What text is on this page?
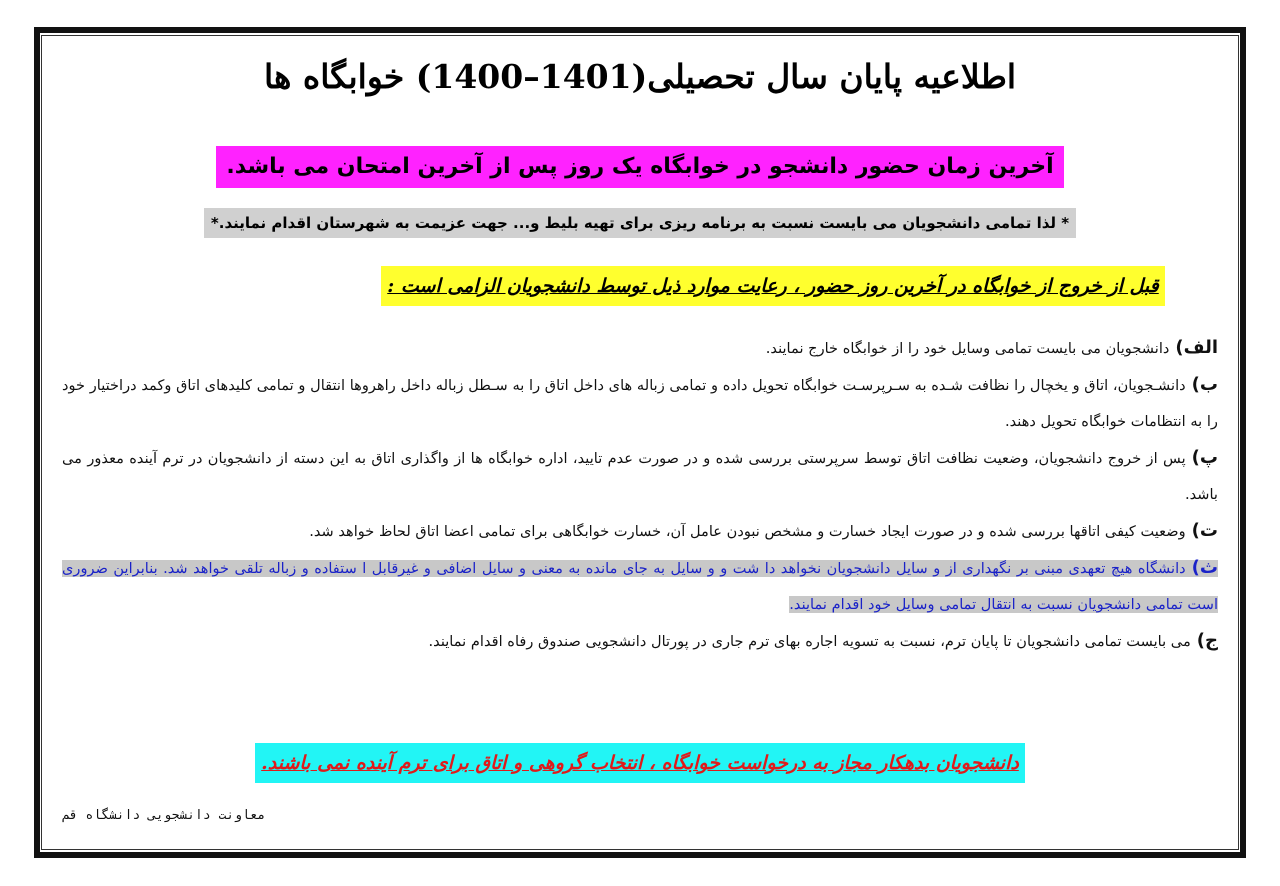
اطلاعیه پایان سال تحصیلی(1401–1400) خوابگاه ها
آخرین زمان حضور دانشجو در خوابگاه یک روز پس از آخرین امتحان می باشد.
* لذا تمامی دانشجویان می بایست نسبت به برنامه ریزی برای تهیه بلیط و... جهت عزیمت به شهرستان اقدام نمایند.*
قبل از خروج از خوابگاه در آخرین روز حضور ، رعایت موارد ذیل توسط دانشجویان الزامی است :

الف)دانشجویان می بایست تمامی وسایل خود را از خوابگاه خارج نمایند.

ب)دانشـجویان، اتاق و یخچال را نظافت شـده به سـرپرسـت خوابگاه تحویل داده و تمامی زباله های داخل اتاق را به سـطل زباله داخل راهروها انتقال و تمامی کلیدهای اتاق وکمد دراختیار خود را به انتظامات خوابگاه تحویل دهند.

پ)پس از خروج دانشجویان، وضعیت نظافت اتاق توسط سرپرستی بررسی شده و در صورت عدم تایید، اداره خوابگاه ها از واگذاری اتاق به این دسته از دانشجویان در ترم آینده معذور می باشد.

ت)وضعیت کیفی اتاقها بررسی شده و در صورت ایجاد خسارت و مشخص نبودن عامل آن، خسارت خوابگاهی برای تمامی اعضا اتاق لحاظ خواهد شد.

ث)دانشگاه هیچ تعهدی مبنی بر نگهداری از و سایل دانشجویان نخواهد دا شت و و سایل به جای مانده به معنی و سایل اضافی و غیرقابل ا ستفاده و زباله تلقی خواهد شد. بنابراین ضروری است تمامی دانشجویان نسبت به انتقال تمامی وسایل خود اقدام نمایند.

ج)می بایست تمامی دانشجویان تا پایان ترم، نسبت به تسویه اجاره بهای ترم جاری در پورتال دانشجویی صندوق رفاه اقدام نمایند.

دانشجویان بدهکار مجاز به درخواست خوابگاه ، انتخاب گروهی و اتاق برای ترم آینده نمی باشند.
معاونت دانشجویی دانشگاه قم
